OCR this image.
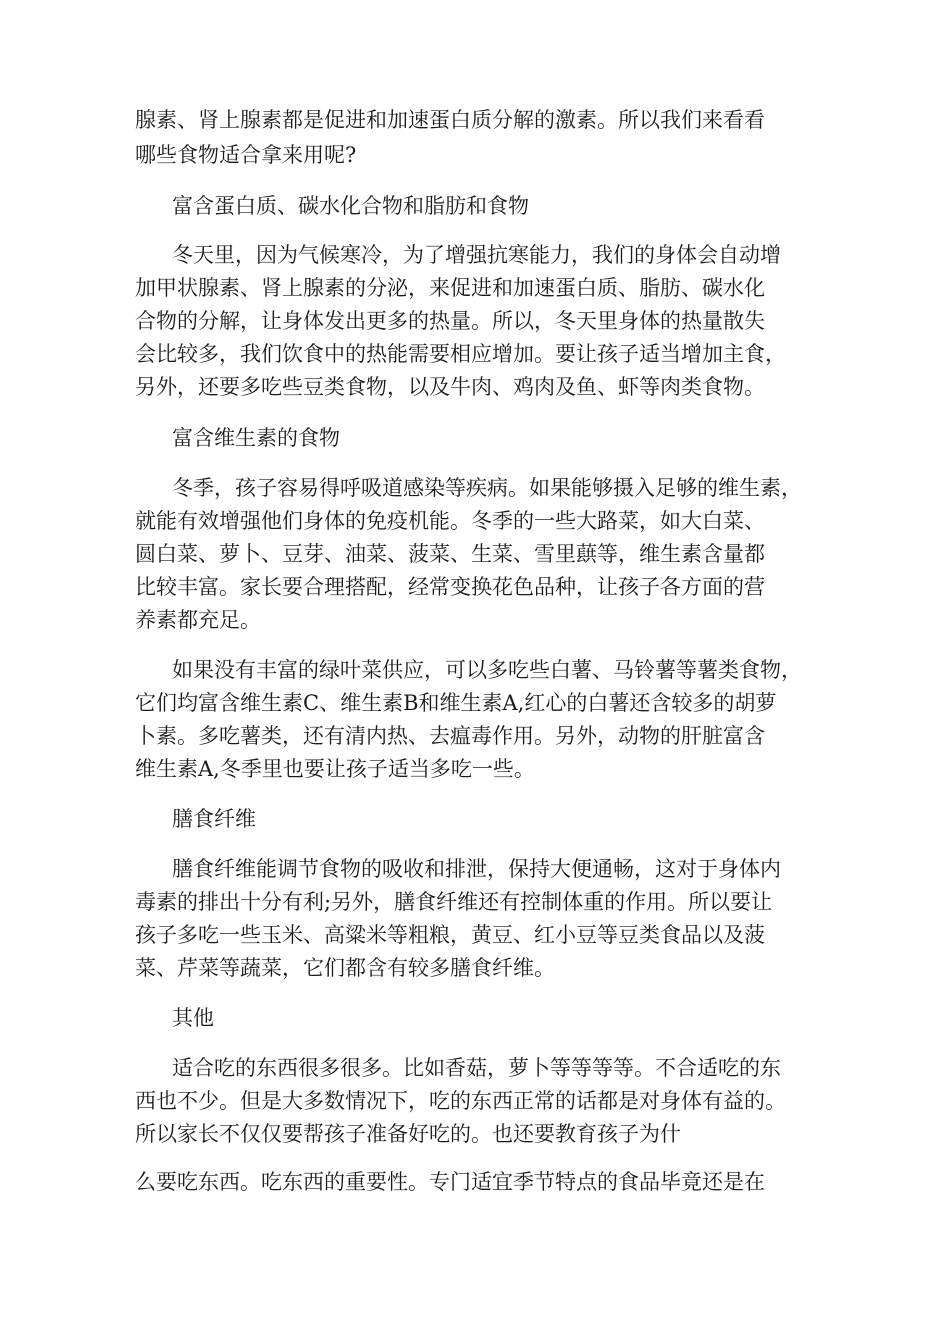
腺素、肾上腺素都是促进和加速蛋白质分解的激素。所以我们来看看
哪些食物适合拿来用呢?
富含蛋白质、碳水化合物和脂肪和食物
冬天里，因为气候寒冷，为了增强抗寒能力，我们的身体会自动增
加甲状腺素、肾上腺素的分泌，来促进和加速蛋白质、脂肪、碳水化
合物的分解，让身体发出更多的热量。所以，冬天里身体的热量散失
会比较多，我们饮食中的热能需要相应增加。要让孩子适当增加主食，
另外，还要多吃些豆类食物，以及牛肉、鸡肉及鱼、虾等肉类食物。
富含维生素的食物
冬季，孩子容易得呼吸道感染等疾病。如果能够摄入足够的维生素，
就能有效增强他们身体的免疫机能。冬季的一些大路菜，如大白菜、
圆白菜、萝卜、豆芽、油菜、菠菜、生菜、雪里蕻等，维生素含量都
比较丰富。家长要合理搭配，经常变换花色品种，让孩子各方面的营
养素都充足。
如果没有丰富的绿叶菜供应，可以多吃些白薯、马铃薯等薯类食物，
它们均富含维生素C、维生素B和维生素A,红心的白薯还含较多的胡萝
卜素。多吃薯类，还有清内热、去瘟毒作用。另外，动物的肝脏富含
维生素A,冬季里也要让孩子适当多吃一些。
膳食纤维
膳食纤维能调节食物的吸收和排泄，保持大便通畅，这对于身体内
毒素的排出十分有利;另外，膳食纤维还有控制体重的作用。所以要让
孩子多吃一些玉米、高粱米等粗粮，黄豆、红小豆等豆类食品以及菠
菜、芹菜等蔬菜，它们都含有较多膳食纤维。
其他
适合吃的东西很多很多。比如香菇，萝卜等等等等。不合适吃的东
西也不少。但是大多数情况下，吃的东西正常的话都是对身体有益的。
所以家长不仅仅要帮孩子准备好吃的。也还要教育孩子为什
么要吃东西。吃东西的重要性。专门适宜季节特点的食品毕竟还是在
